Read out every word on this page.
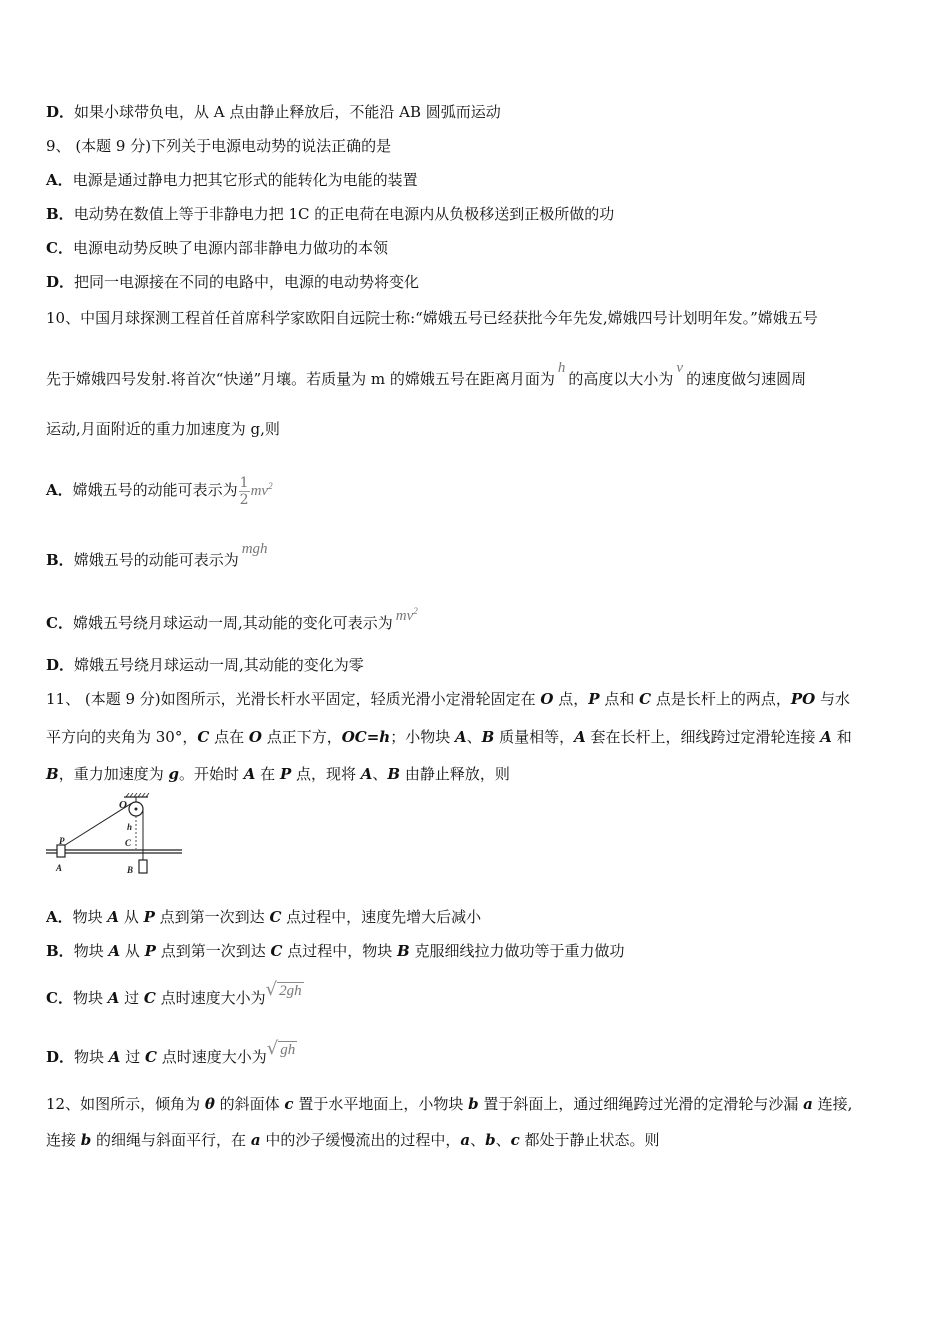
D．如果小球带负电，从 A 点由静止释放后，不能沿 AB 圆弧而运动
9、 (本题 9 分)下列关于电源电动势的说法正确的是
A．电源是通过静电力把其它形式的能转化为电能的装置
B．电动势在数值上等于非静电力把 1C 的正电荷在电源内从负极移送到正极所做的功
C．电源电动势反映了电源内部非静电力做功的本领
D．把同一电源接在不同的电路中，电源的电动势将变化
10、中国月球探测工程首任首席科学家欧阳自远院士称:“嫦娥五号已经获批今年先发,嫦娥四号计划明年发。”嫦娥五号
先于嫦娥四号发射.将首次“快递”月壤。若质量为 m 的嫦娥五号在距离月面为h的高度以大小为v的速度做匀速圆周
运动,月面附近的重力加速度为 g,则
A．嫦娥五号的动能可表示为 $\frac{1}{2} mv^2$
B．嫦娥五号的动能可表示为mgh
C．嫦娥五号绕月球运动一周,其动能的变化可表示为 $mv^2$
D．嫦娥五号绕月球运动一周,其动能的变化为零
11、 (本题 9 分)如图所示，光滑长杆水平固定，轻质光滑小定滑轮固定在 O 点，P 点和 C 点是长杆上的两点，PO 与水
平方向的夹角为 30°，C 点在 O 点正下方，OC=h；小物块 A、B 质量相等，A 套在长杆上，细线跨过定滑轮连接 A 和
B，重力加速度为 g。开始时 A 在 P 点，现将 A、B 由静止释放，则
O
h
C
P
A	B
A．物块 A 从 P 点到第一次到达 C 点过程中，速度先增大后减小
B．物块 A 从 P 点到第一次到达 C 点过程中，物块 B 克服细线拉力做功等于重力做功
C．物块 A 过 C 点时速度大小为√ 2gh
D．物块 A 过 C 点时速度大小为√ gh
12、如图所示，倾角为 θ 的斜面体 c 置于水平地面上，小物块 b 置于斜面上，通过细绳跨过光滑的定滑轮与沙漏 a 连接,
连接 b 的细绳与斜面平行，在 a 中的沙子缓慢流出的过程中，a、b、c 都处于静止状态。则
